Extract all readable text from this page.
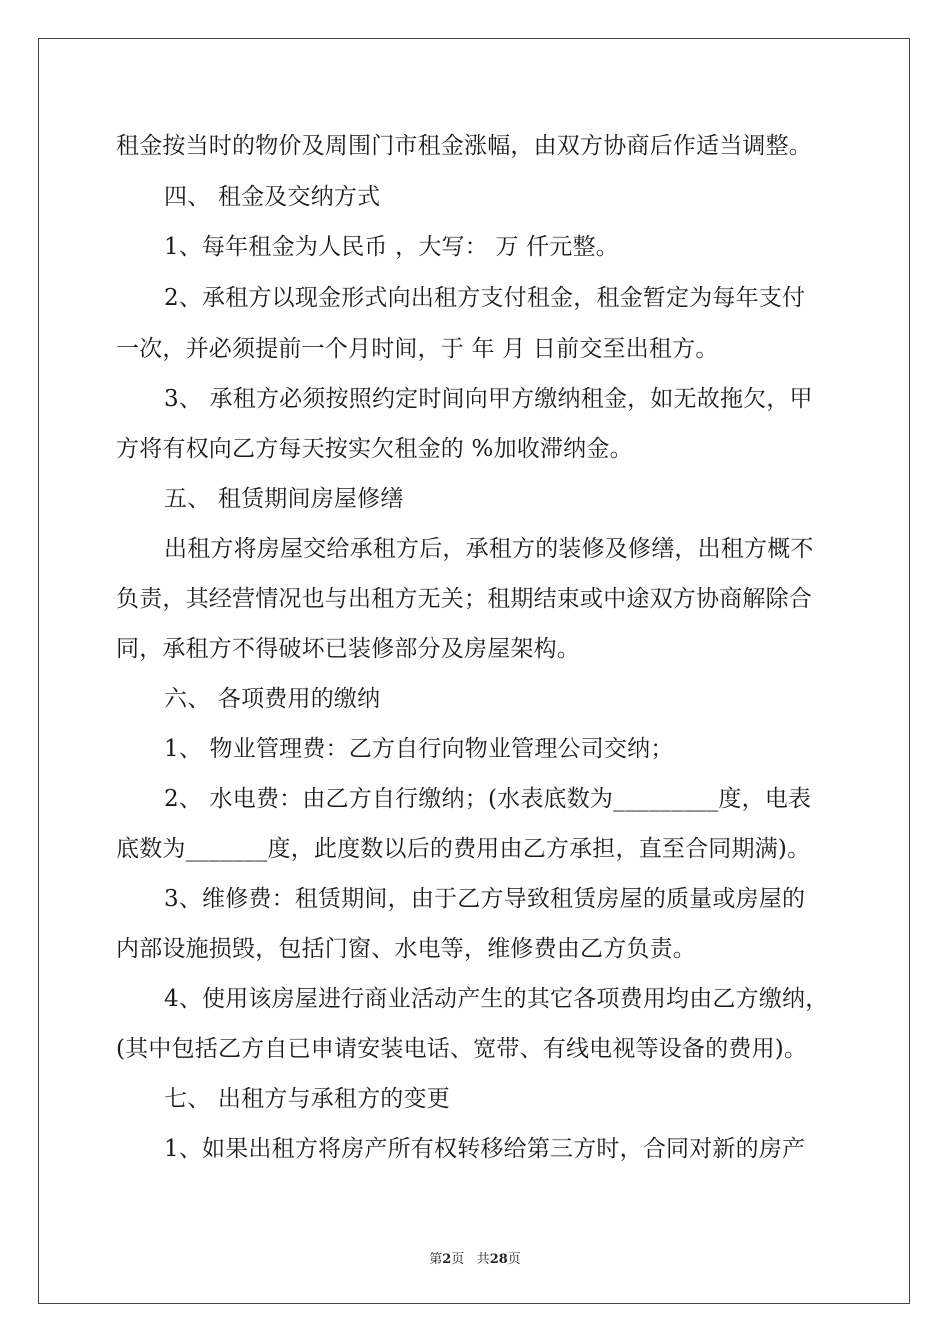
租金按当时的物价及周围门市租金涨幅，由双方协商后作适当调整。
四、 租金及交纳方式
1、每年租金为人民币 ，大写： 万 仟元整。
2、承租方以现金形式向出租方支付租金，租金暂定为每年支付
一次，并必须提前一个月时间，于 年 月 日前交至出租方。
3、 承租方必须按照约定时间向甲方缴纳租金，如无故拖欠，甲
方将有权向乙方每天按实欠租金的 %加收滞纳金。
五、 租赁期间房屋修缮
出租方将房屋交给承租方后，承租方的装修及修缮，出租方概不
负责，其经营情况也与出租方无关；租期结束或中途双方协商解除合
同，承租方不得破坏已装修部分及房屋架构。
六、 各项费用的缴纳
1、 物业管理费：乙方自行向物业管理公司交纳；
2、 水电费：由乙方自行缴纳；(水表底数为_________度，电表
底数为_______度，此度数以后的费用由乙方承担，直至合同期满)。
3、维修费：租赁期间，由于乙方导致租赁房屋的质量或房屋的
内部设施损毁，包括门窗、水电等，维修费由乙方负责。
4、使用该房屋进行商业活动产生的其它各项费用均由乙方缴纳，
(其中包括乙方自已申请安装电话、宽带、有线电视等设备的费用)。
七、 出租方与承租方的变更
1、如果出租方将房产所有权转移给第三方时，合同对新的房产
第2页 共28页
